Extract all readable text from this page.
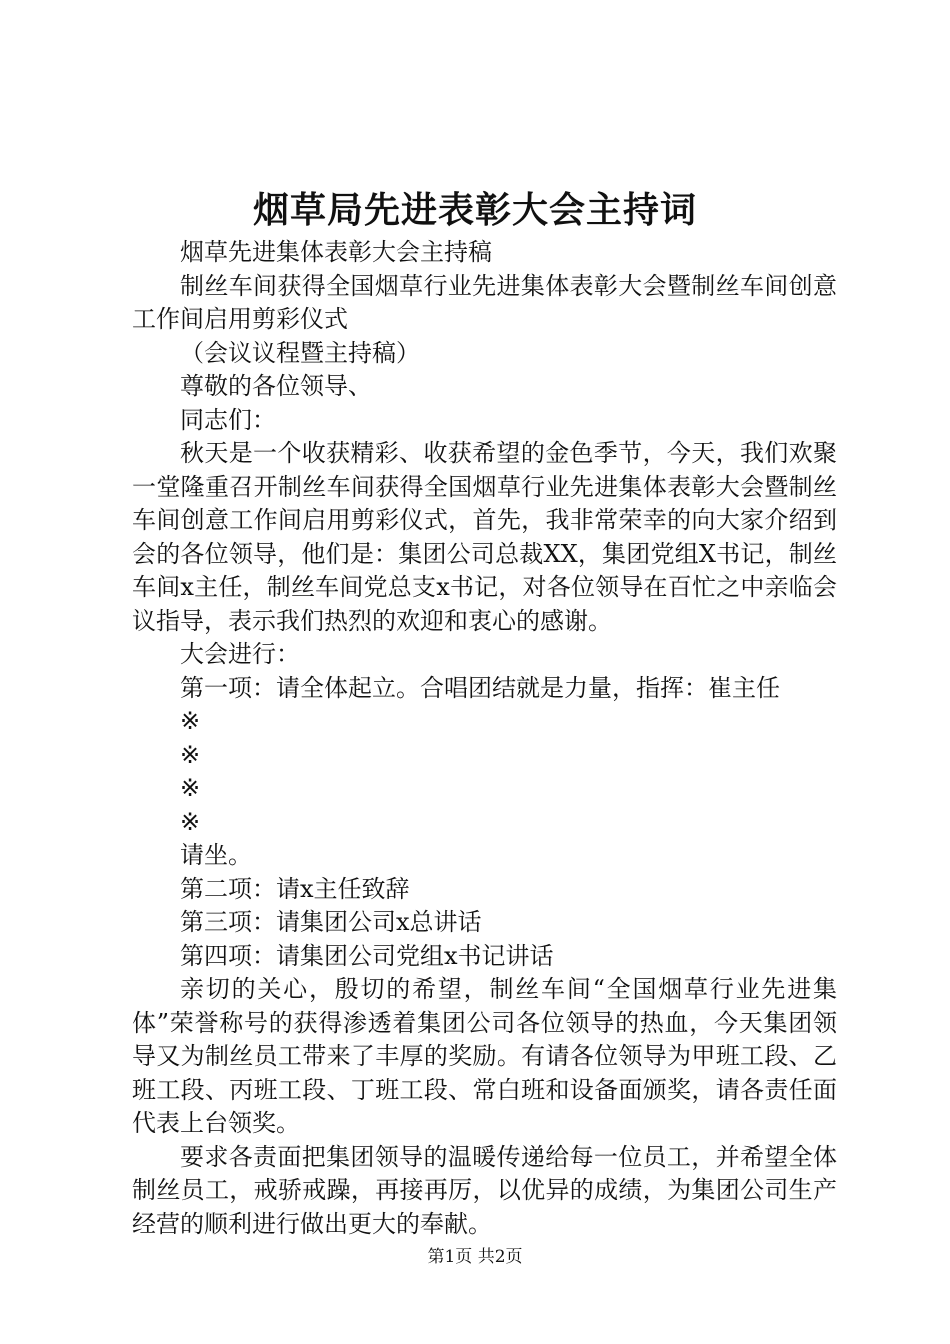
烟草局先进表彰大会主持词

烟草先进集体表彰大会主持稿

制丝车间获得全国烟草行业先进集体表彰大会暨制丝车间创意工作间启用剪彩仪式

（会议议程暨主持稿）

尊敬的各位领导、

同志们：

秋天是一个收获精彩、收获希望的金色季节，今天，我们欢聚一堂隆重召开制丝车间获得全国烟草行业先进集体表彰大会暨制丝车间创意工作间启用剪彩仪式，首先，我非常荣幸的向大家介绍到会的各位领导，他们是：集团公司总裁XX，集团党组X书记，制丝车间x主任，制丝车间党总支x书记，对各位领导在百忙之中亲临会议指导，表示我们热烈的欢迎和衷心的感谢。

大会进行：

第一项：请全体起立。合唱团结就是力量，指挥：崔主任

※

※

※

※

请坐。

第二项：请x主任致辞

第三项：请集团公司x总讲话

第四项：请集团公司党组x书记讲话

亲切的关心，殷切的希望，制丝车间“全国烟草行业先进集体”荣誉称号的获得渗透着集团公司各位领导的热血，今天集团领导又为制丝员工带来了丰厚的奖励。有请各位领导为甲班工段、乙班工段、丙班工段、丁班工段、常白班和设备面颁奖，请各责任面代表上台领奖。

要求各责面把集团领导的温暖传递给每一位员工，并希望全体制丝员工，戒骄戒躁，再接再厉，以优异的成绩，为集团公司生产经营的顺利进行做出更大的奉献。

第1页 共2页
